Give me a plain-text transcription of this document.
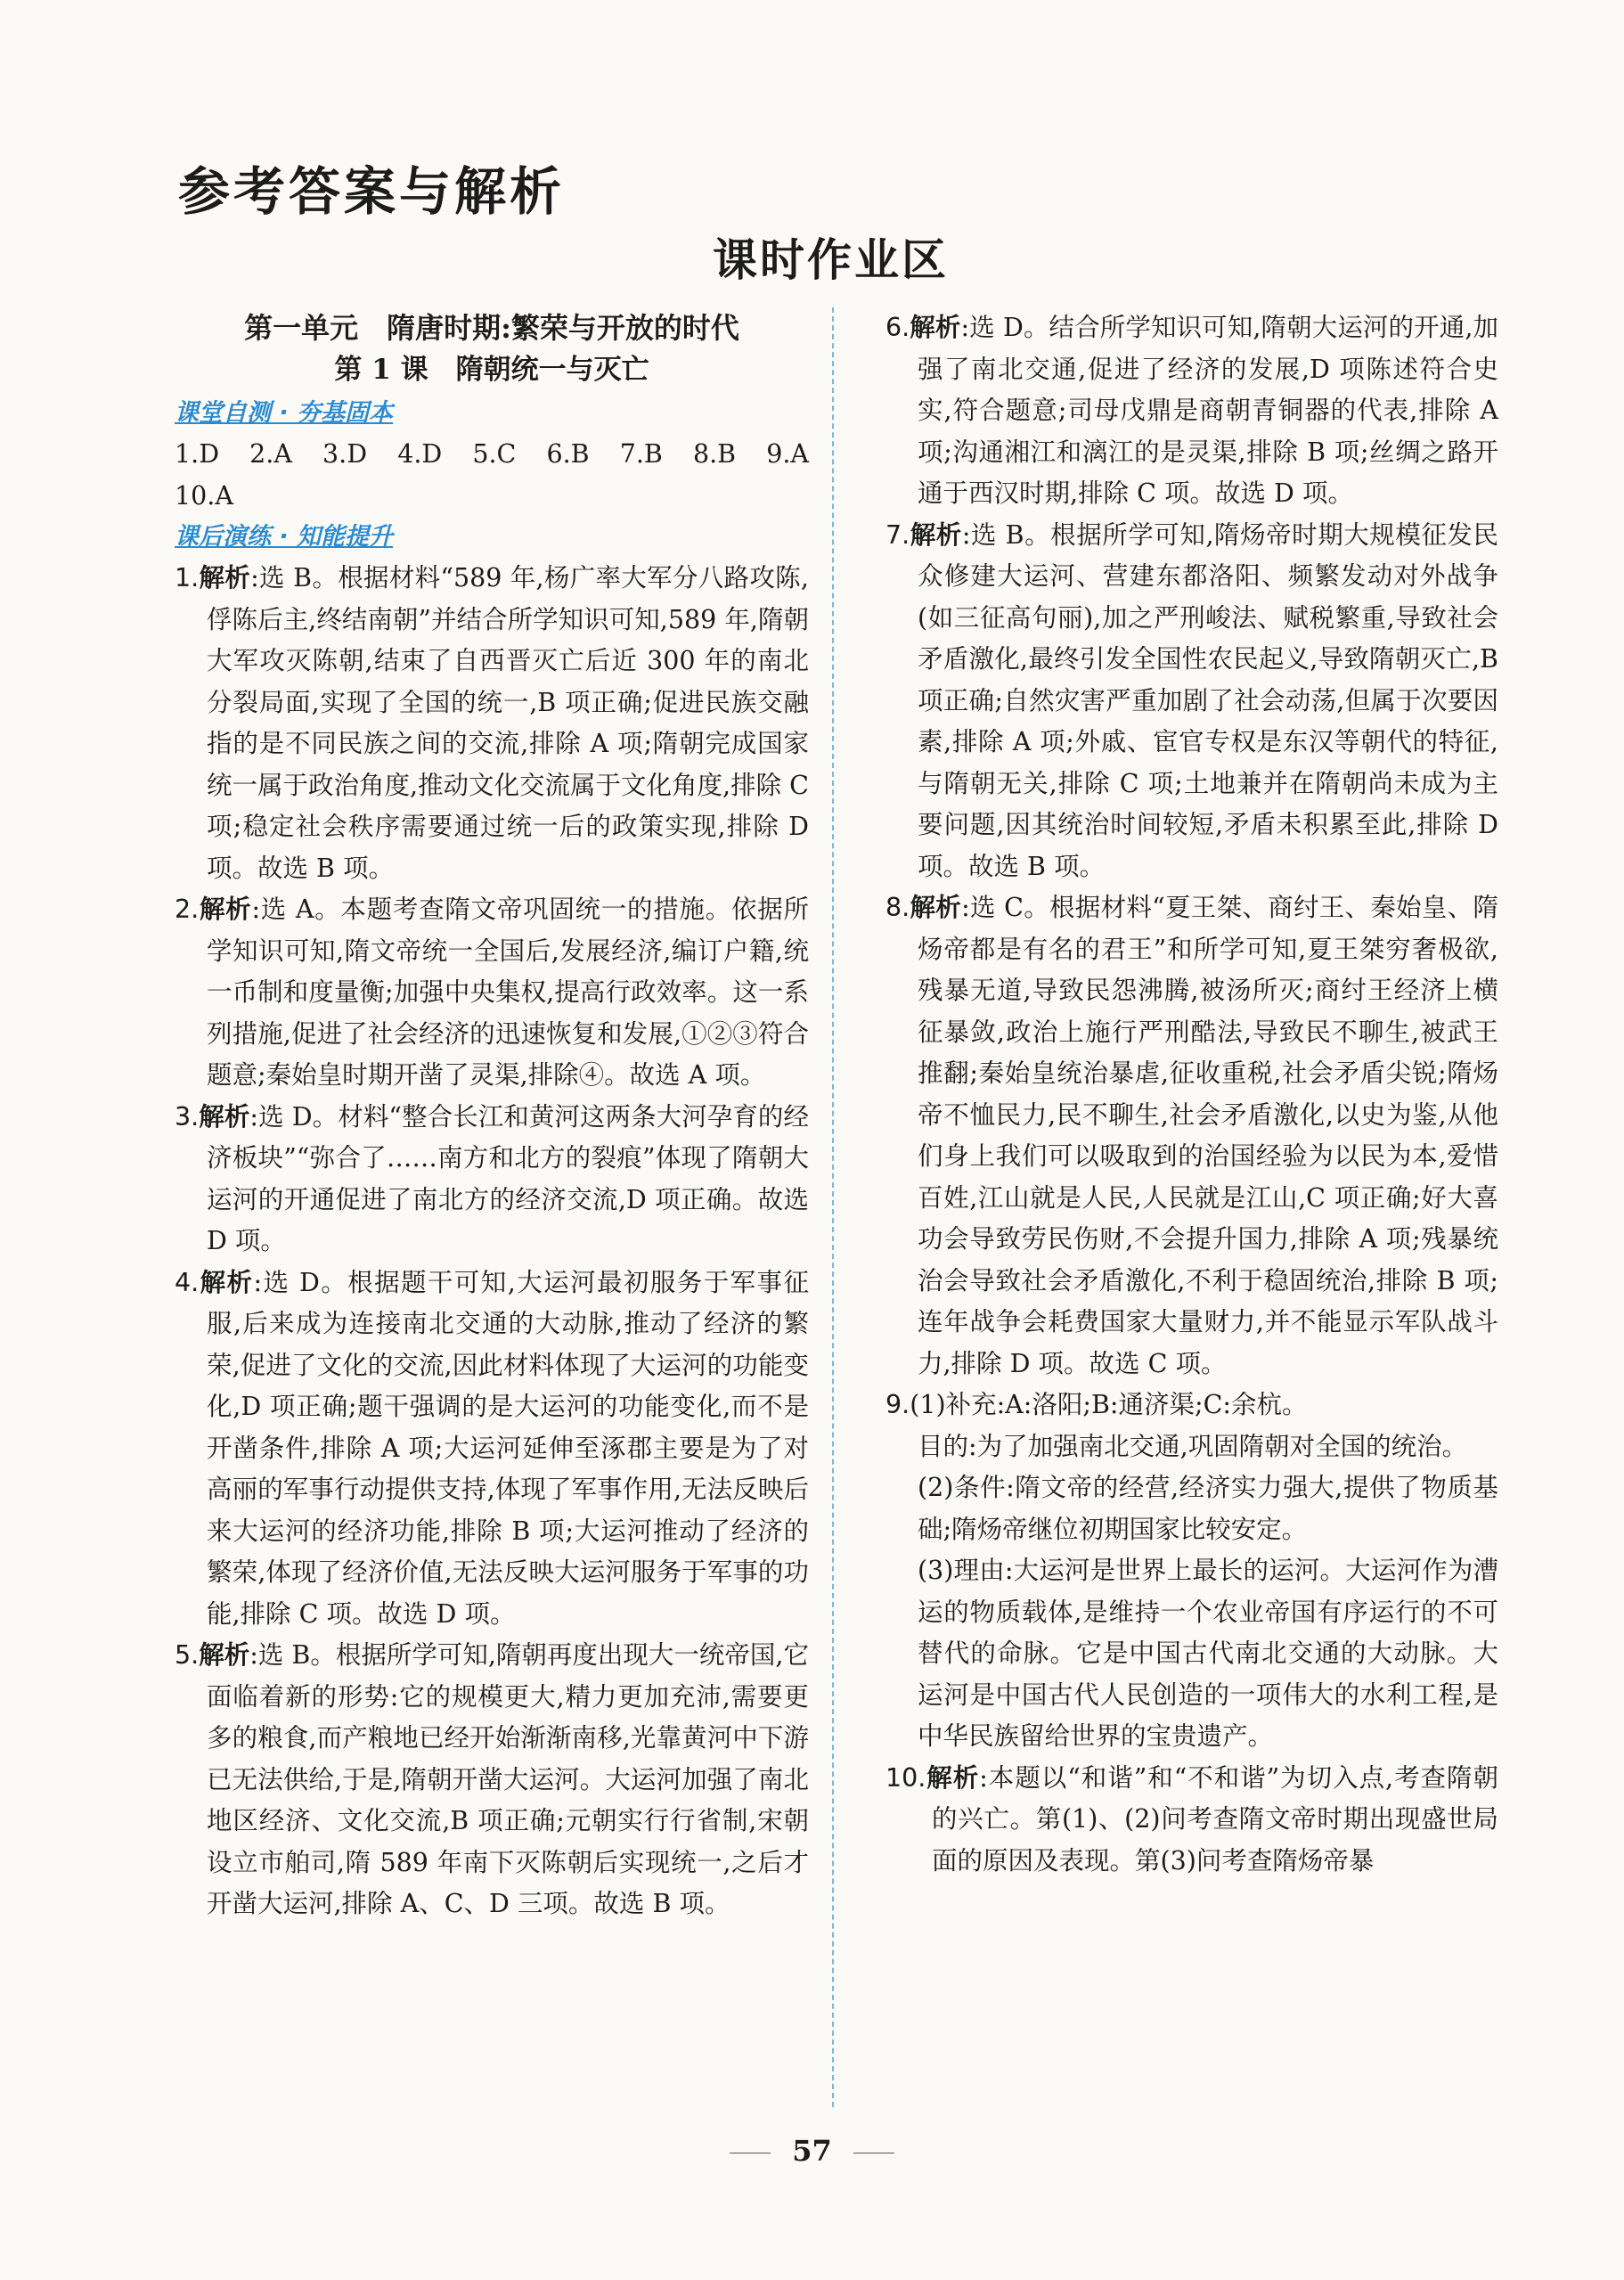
参考答案与解析
课时作业区

第一单元　隋唐时期:繁荣与开放的时代

第 1 课　隋朝统一与灭亡

课堂自测 · 夯基固本

1.D　2.A　3.D　4.D　5.C　6.B　7.B　8.B　9.A　10.A

课后演练 · 知能提升

1.解析:选 B。根据材料“589 年,杨广率大军分八路攻陈,俘陈后主,终结南朝”并结合所学知识可知,589 年,隋朝大军攻灭陈朝,结束了自西晋灭亡后近 300 年的南北分裂局面,实现了全国的统一,B 项正确;促进民族交融指的是不同民族之间的交流,排除 A 项;隋朝完成国家统一属于政治角度,推动文化交流属于文化角度,排除 C 项;稳定社会秩序需要通过统一后的政策实现,排除 D 项。故选 B 项。

2.解析:选 A。本题考查隋文帝巩固统一的措施。依据所学知识可知,隋文帝统一全国后,发展经济,编订户籍,统一币制和度量衡;加强中央集权,提高行政效率。这一系列措施,促进了社会经济的迅速恢复和发展,①②③符合题意;秦始皇时期开凿了灵渠,排除④。故选 A 项。

3.解析:选 D。材料“整合长江和黄河这两条大河孕育的经济板块”“弥合了……南方和北方的裂痕”体现了隋朝大运河的开通促进了南北方的经济交流,D 项正确。故选 D 项。

4.解析:选 D。根据题干可知,大运河最初服务于军事征服,后来成为连接南北交通的大动脉,推动了经济的繁荣,促进了文化的交流,因此材料体现了大运河的功能变化,D 项正确;题干强调的是大运河的功能变化,而不是开凿条件,排除 A 项;大运河延伸至涿郡主要是为了对高丽的军事行动提供支持,体现了军事作用,无法反映后来大运河的经济功能,排除 B 项;大运河推动了经济的繁荣,体现了经济价值,无法反映大运河服务于军事的功能,排除 C 项。故选 D 项。

5.解析:选 B。根据所学可知,隋朝再度出现大一统帝国,它面临着新的形势:它的规模更大,精力更加充沛,需要更多的粮食,而产粮地已经开始渐渐南移,光靠黄河中下游已无法供给,于是,隋朝开凿大运河。大运河加强了南北地区经济、文化交流,B 项正确;元朝实行行省制,宋朝设立市舶司,隋 589 年南下灭陈朝后实现统一,之后才开凿大运河,排除 A、C、D 三项。故选 B 项。

6.解析:选 D。结合所学知识可知,隋朝大运河的开通,加强了南北交通,促进了经济的发展,D 项陈述符合史实,符合题意;司母戊鼎是商朝青铜器的代表,排除 A 项;沟通湘江和漓江的是灵渠,排除 B 项;丝绸之路开通于西汉时期,排除 C 项。故选 D 项。

7.解析:选 B。根据所学可知,隋炀帝时期大规模征发民众修建大运河、营建东都洛阳、频繁发动对外战争(如三征高句丽),加之严刑峻法、赋税繁重,导致社会矛盾激化,最终引发全国性农民起义,导致隋朝灭亡,B 项正确;自然灾害严重加剧了社会动荡,但属于次要因素,排除 A 项;外戚、宦官专权是东汉等朝代的特征,与隋朝无关,排除 C 项;土地兼并在隋朝尚未成为主要问题,因其统治时间较短,矛盾未积累至此,排除 D 项。故选 B 项。

8.解析:选 C。根据材料“夏王桀、商纣王、秦始皇、隋炀帝都是有名的君王”和所学可知,夏王桀穷奢极欲,残暴无道,导致民怨沸腾,被汤所灭;商纣王经济上横征暴敛,政治上施行严刑酷法,导致民不聊生,被武王推翻;秦始皇统治暴虐,征收重税,社会矛盾尖锐;隋炀帝不恤民力,民不聊生,社会矛盾激化,以史为鉴,从他们身上我们可以吸取到的治国经验为以民为本,爱惜百姓,江山就是人民,人民就是江山,C 项正确;好大喜功会导致劳民伤财,不会提升国力,排除 A 项;残暴统治会导致社会矛盾激化,不利于稳固统治,排除 B 项;连年战争会耗费国家大量财力,并不能显示军队战斗力,排除 D 项。故选 C 项。

9.(1)补充:A:洛阳;B:通济渠;C:余杭。

目的:为了加强南北交通,巩固隋朝对全国的统治。

(2)条件:隋文帝的经营,经济实力强大,提供了物质基础;隋炀帝继位初期国家比较安定。

(3)理由:大运河是世界上最长的运河。大运河作为漕运的物质载体,是维持一个农业帝国有序运行的不可替代的命脉。它是中国古代南北交通的大动脉。大运河是中国古代人民创造的一项伟大的水利工程,是中华民族留给世界的宝贵遗产。

10.解析:本题以“和谐”和“不和谐”为切入点,考查隋朝的兴亡。第(1)、(2)问考查隋文帝时期出现盛世局面的原因及表现。第(3)问考查隋炀帝暴

57
